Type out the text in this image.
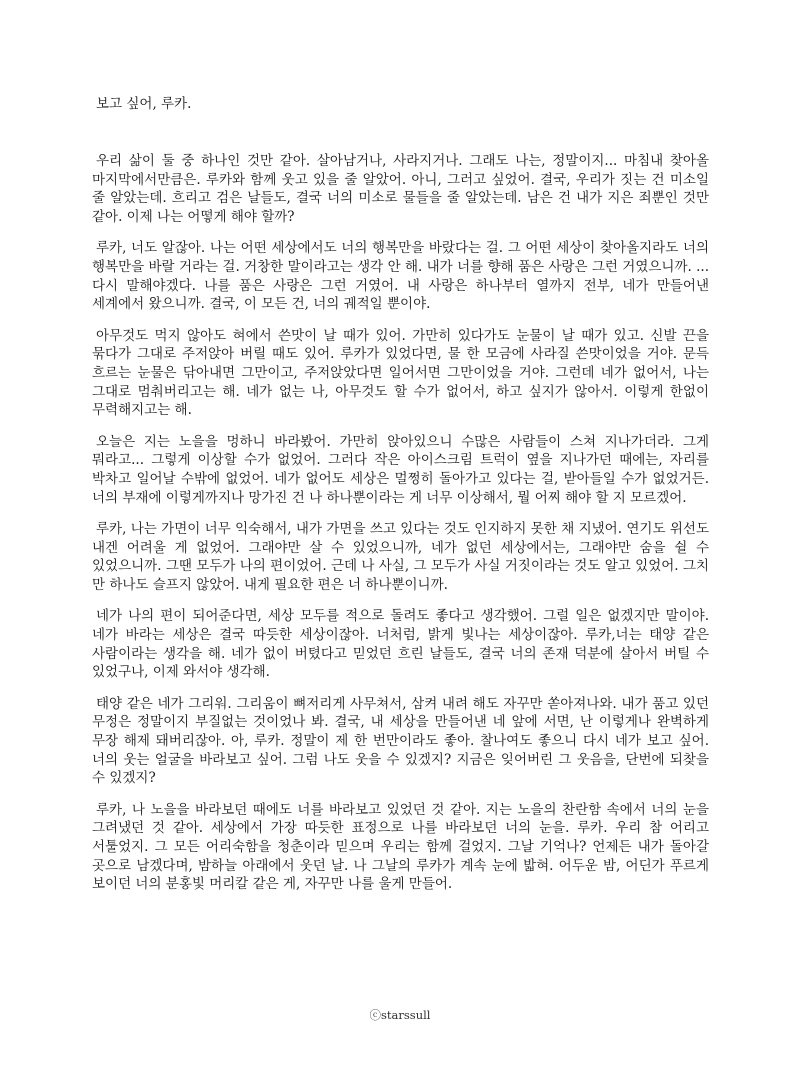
보고 싶어, 루카.

우리 삶이 둘 중 하나인 것만 같아. 살아남거나, 사라지거나. 그래도 나는, 정말이지... 마침내 찾아올 마지막에서만큼은. 루카와 함께 웃고 있을 줄 알았어. 아니, 그러고 싶었어. 결국, 우리가 짓는 건 미소일 줄 알았는데. 흐리고 검은 날들도, 결국 너의 미소로 물들을 줄 알았는데. 남은 건 내가 지은 죄뿐인 것만 같아. 이제 나는 어떻게 해야 할까?

루카, 너도 알잖아. 나는 어떤 세상에서도 너의 행복만을 바랐다는 걸. 그 어떤 세상이 찾아올지라도 너의 행복만을 바랄 거라는 걸. 거창한 말이라고는 생각 안 해. 내가 너를 향해 품은 사랑은 그런 거였으니까. ...다시 말해야겠다. 나를 품은 사랑은 그런 거였어. 내 사랑은 하나부터 열까지 전부, 네가 만들어낸 세계에서 왔으니까. 결국, 이 모든 건, 너의 궤적일 뿐이야.

아무것도 먹지 않아도 혀에서 쓴맛이 날 때가 있어. 가만히 있다가도 눈물이 날 때가 있고. 신발 끈을 묶다가 그대로 주저앉아 버릴 때도 있어. 루카가 있었다면, 물 한 모금에 사라질 쓴맛이었을 거야. 문득 흐르는 눈물은 닦아내면 그만이고, 주저앉았다면 일어서면 그만이었을 거야. 그런데 네가 없어서, 나는 그대로 멈춰버리고는 해. 네가 없는 나, 아무것도 할 수가 없어서, 하고 싶지가 않아서. 이렇게 한없이 무력해지고는 해.

오늘은 지는 노을을 멍하니 바라봤어. 가만히 앉아있으니 수많은 사람들이 스쳐 지나가더라. 그게 뭐라고... 그렇게 이상할 수가 없었어. 그러다 작은 아이스크림 트럭이 옆을 지나가던 때에는, 자리를 박차고 일어날 수밖에 없었어. 네가 없어도 세상은 멀쩡히 돌아가고 있다는 걸, 받아들일 수가 없었거든. 너의 부재에 이렇게까지나 망가진 건 나 하나뿐이라는 게 너무 이상해서, 뭘 어찌 해야 할 지 모르겠어.

루카, 나는 가면이 너무 익숙해서, 내가 가면을 쓰고 있다는 것도 인지하지 못한 채 지냈어. 연기도 위선도 내겐 어려울 게 없었어. 그래야만 살 수 있었으니까, 네가 없던 세상에서는, 그래야만 숨을 쉴 수 있었으니까. 그땐 모두가 나의 편이었어. 근데 나 사실, 그 모두가 사실 거짓이라는 것도 알고 있었어. 그치 만 하나도 슬프지 않았어. 내게 필요한 편은 너 하나뿐이니까.

네가 나의 편이 되어준다면, 세상 모두를 적으로 돌려도 좋다고 생각했어. 그럴 일은 없겠지만 말이야. 네가 바라는 세상은 결국 따듯한 세상이잖아. 너처럼, 밝게 빛나는 세상이잖아. 루카,너는 태양 같은 사람이라는 생각을 해. 네가 없이 버텼다고 믿었던 흐린 날들도, 결국 너의 존재 덕분에 살아서 버틸 수 있었구나, 이제 와서야 생각해.

태양 같은 네가 그리워. 그리움이 뼈저리게 사무쳐서, 삼켜 내려 해도 자꾸만 쏟아져나와. 내가 품고 있던 무정은 정말이지 부질없는 것이었나 봐. 결국, 내 세상을 만들어낸 네 앞에 서면, 난 이렇게나 완벽하게 무장 해제 돼버리잖아. 아, 루카. 정말이 제 한 번만이라도 좋아. 찰나여도 좋으니 다시 네가 보고 싶어. 너의 웃는 얼굴을 바라보고 싶어. 그럼 나도 웃을 수 있겠지? 지금은 잊어버린 그 웃음을, 단번에 되찾을 수 있겠지?

루카, 나 노을을 바라보던 때에도 너를 바라보고 있었던 것 같아. 지는 노을의 찬란함 속에서 너의 눈을 그려냈던 것 같아. 세상에서 가장 따듯한 표정으로 나를 바라보던 너의 눈을. 루카. 우리 참 어리고 서툴었지. 그 모든 어리숙함을 청춘이라 믿으며 우리는 함께 걸었지. 그날 기억나? 언제든 내가 돌아갈 곳으로 남겠다며, 밤하늘 아래에서 웃던 날. 나 그날의 루카가 계속 눈에 밟혀. 어두운 밤, 어딘가 푸르게 보이던 너의 분홍빛 머리칼 같은 게, 자꾸만 나를 울게 만들어.

ⓒstarssull
